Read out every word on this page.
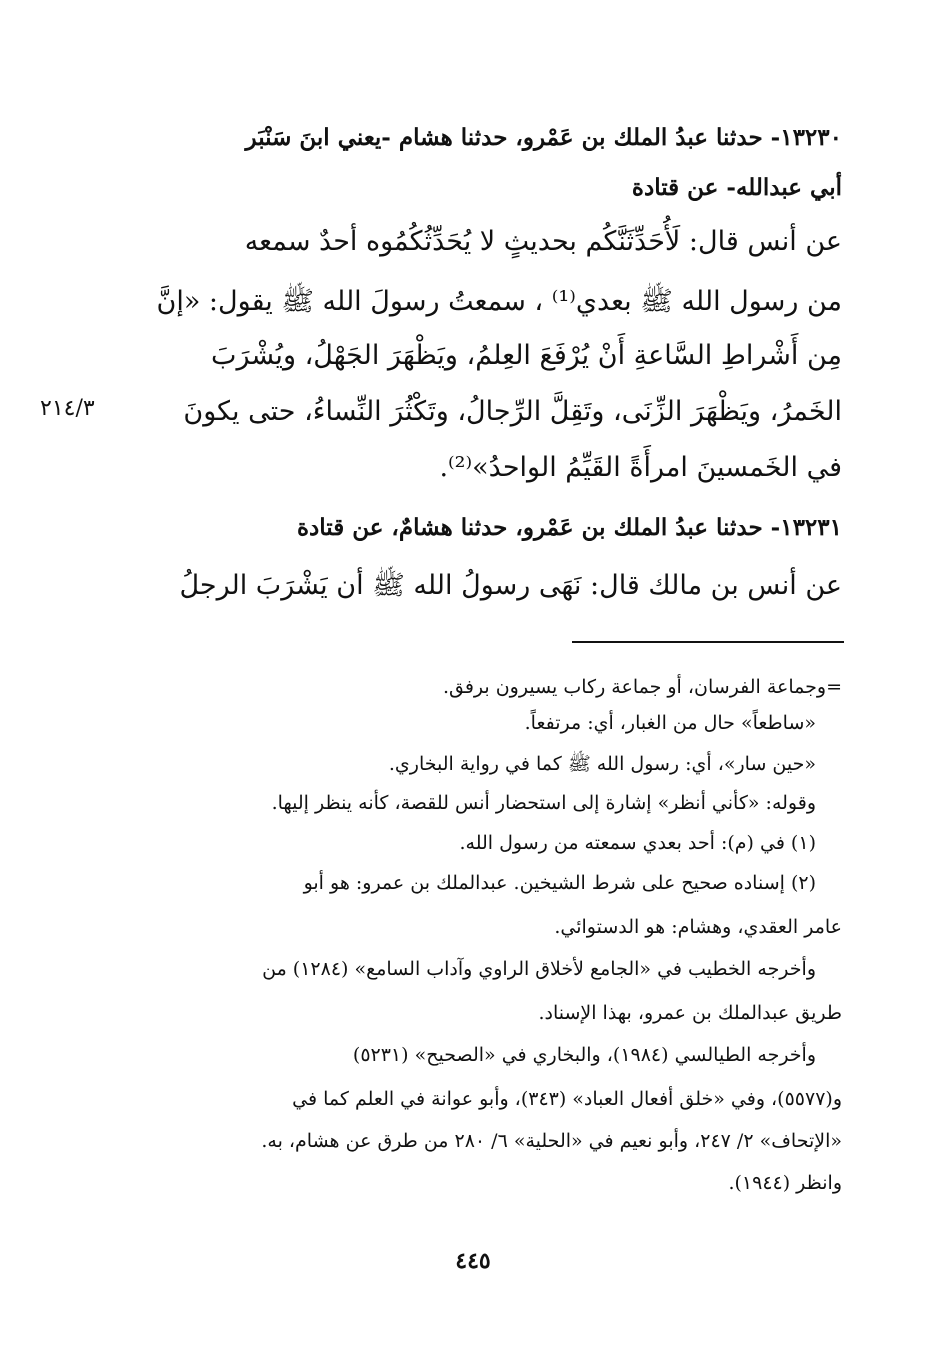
١٣٢٣٠- حدثنا عبدُ الملك بن عَمْرو، حدثنا هشام -يعني ابنَ سَنْبَر
أبي عبدالله- عن قتادة
عن أنس قال: لَأُحَدِّثَنَّكُم بحديثٍ لا يُحَدِّثُكُمُوه أحدٌ سمعه
من رسول الله ﷺ بعدي⁽¹⁾ ، سمعتُ رسولَ الله ﷺ يقول: «إنَّ
مِن أَشْراطِ السَّاعةِ أَنْ يُرْفَعَ العِلمُ، ويَظْهَرَ الجَهْلُ، ويُشْرَبَ
الخَمرُ، ويَظْهَرَ الزِّنَى، وتَقِلَّ الرِّجالُ، وتَكْثُرَ النِّساءُ، حتى يكونَ
في الخَمسينَ امرأَةً القَيِّمُ الواحدُ»⁽²⁾.
٢١٤/٣
١٣٢٣١- حدثنا عبدُ الملك بن عَمْرو، حدثنا هشامٌ، عن قتادة
عن أنس بن مالك قال: نَهَى رسولُ الله ﷺ أن يَشْرَبَ الرجلُ
=وجماعة الفرسان، أو جماعة ركاب يسيرون برفق.
«ساطعاً» حال من الغبار، أي: مرتفعاً.
«حين سار»، أي: رسول الله ﷺ كما في رواية البخاري.
وقوله: «كأني أنظر» إشارة إلى استحضار أنس للقصة، كأنه ينظر إليها.
(١) في (م): أحد بعدي سمعته من رسول الله.
(٢) إسناده صحيح على شرط الشيخين. عبدالملك بن عمرو: هو أبو
عامر العقدي، وهشام: هو الدستوائي.
وأخرجه الخطيب في «الجامع لأخلاق الراوي وآداب السامع» (١٢٨٤) من
طريق عبدالملك بن عمرو، بهذا الإسناد.
وأخرجه الطيالسي (١٩٨٤)، والبخاري في «الصحيح» (٥٢٣١)
و(٥٥٧٧)، وفي «خلق أفعال العباد» (٣٤٣)، وأبو عوانة في العلم كما في
«الإتحاف» ٢/ ٢٤٧، وأبو نعيم في «الحلية» ٦/ ٢٨٠ من طرق عن هشام، به.
وانظر (١٩٤٤).
٤٤٥
